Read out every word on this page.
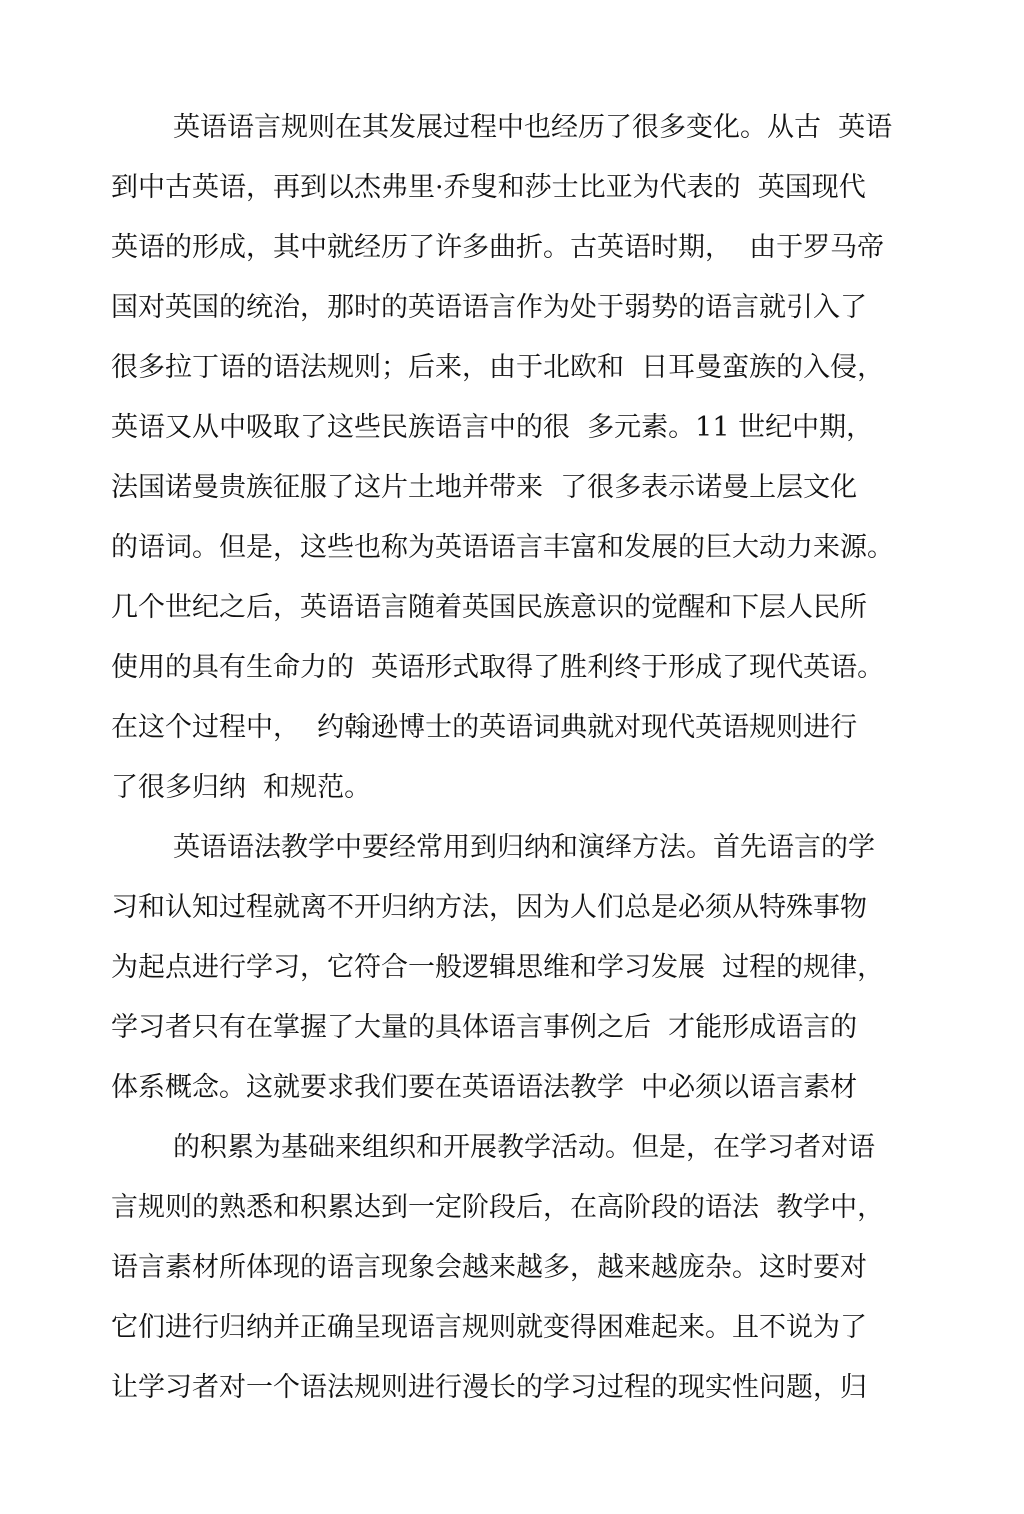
英语语言规则在其发展过程中也经历了很多变化。从古  英语
到中古英语，再到以杰弗里·乔叟和莎士比亚为代表的  英国现代
英语的形成，其中就经历了许多曲折。古英语时期，  由于罗马帝
国对英国的统治，那时的英语语言作为处于弱势的语言就引入了
很多拉丁语的语法规则；后来，由于北欧和  日耳曼蛮族的入侵，
英语又从中吸取了这些民族语言中的很  多元素。11 世纪中期，
法国诺曼贵族征服了这片土地并带来  了很多表示诺曼上层文化
的语词。但是，这些也称为英语语言丰富和发展的巨大动力来源。
几个世纪之后，英语语言随着英国民族意识的觉醒和下层人民所
使用的具有生命力的  英语形式取得了胜利终于形成了现代英语。
在这个过程中，  约翰逊博士的英语词典就对现代英语规则进行
了很多归纳  和规范。
英语语法教学中要经常用到归纳和演绎方法。首先语言的学
习和认知过程就离不开归纳方法，因为人们总是必须从特殊事物
为起点进行学习，它符合一般逻辑思维和学习发展  过程的规律，
学习者只有在掌握了大量的具体语言事例之后  才能形成语言的
体系概念。这就要求我们要在英语语法教学  中必须以语言素材
的积累为基础来组织和开展教学活动。但是，在学习者对语
言规则的熟悉和积累达到一定阶段后，在高阶段的语法  教学中，
语言素材所体现的语言现象会越来越多，越来越庞杂。这时要对
它们进行归纳并正确呈现语言规则就变得困难起来。且不说为了
让学习者对一个语法规则进行漫长的学习过程的现实性问题，归
